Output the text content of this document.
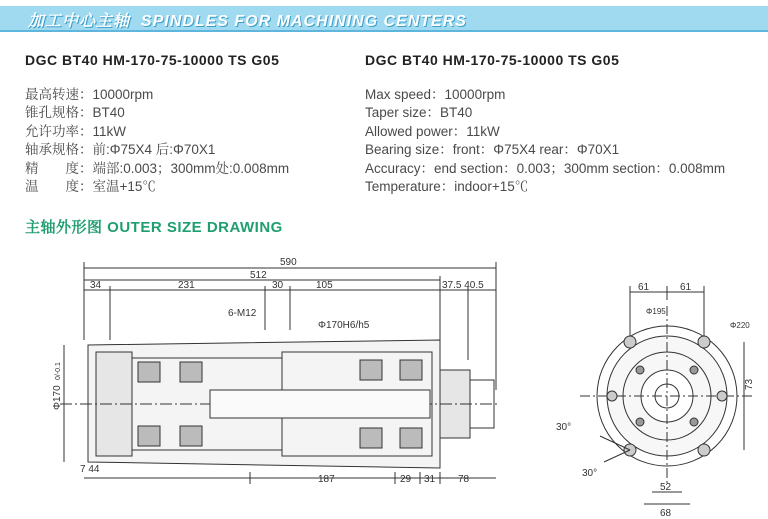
加工中心主轴 SPINDLES FOR MACHINING CENTERS
DGC BT40 HM-170-75-10000 TS G05	DGC BT40 HM-170-75-10000 TS G05
最高转速：10000rpm
锥孔规格：BT40
允许功率：11kW
轴承规格：前:Φ75X4 后:Φ70X1
精　　度：端部:0.003；300mm处:0.008mm
温　　度：室温+15℃
Max speed：10000rpm
Taper size：BT40
Allowed power：11kW
Bearing size：front：Φ75X4 rear：Φ70X1
Accuracy：end section：0.003；300mm section：0.008mm
Temperature：indoor+15℃
主轴外形图 OUTER SIZE DRAWING
590
512
34	231	30	105	37.5 40.5
6-M12
Φ170H6/h5
Φ170
0/-0.1
7 44
187	29 31 78
61	61
Φ195
Φ220
73
30°
30°
52
68
